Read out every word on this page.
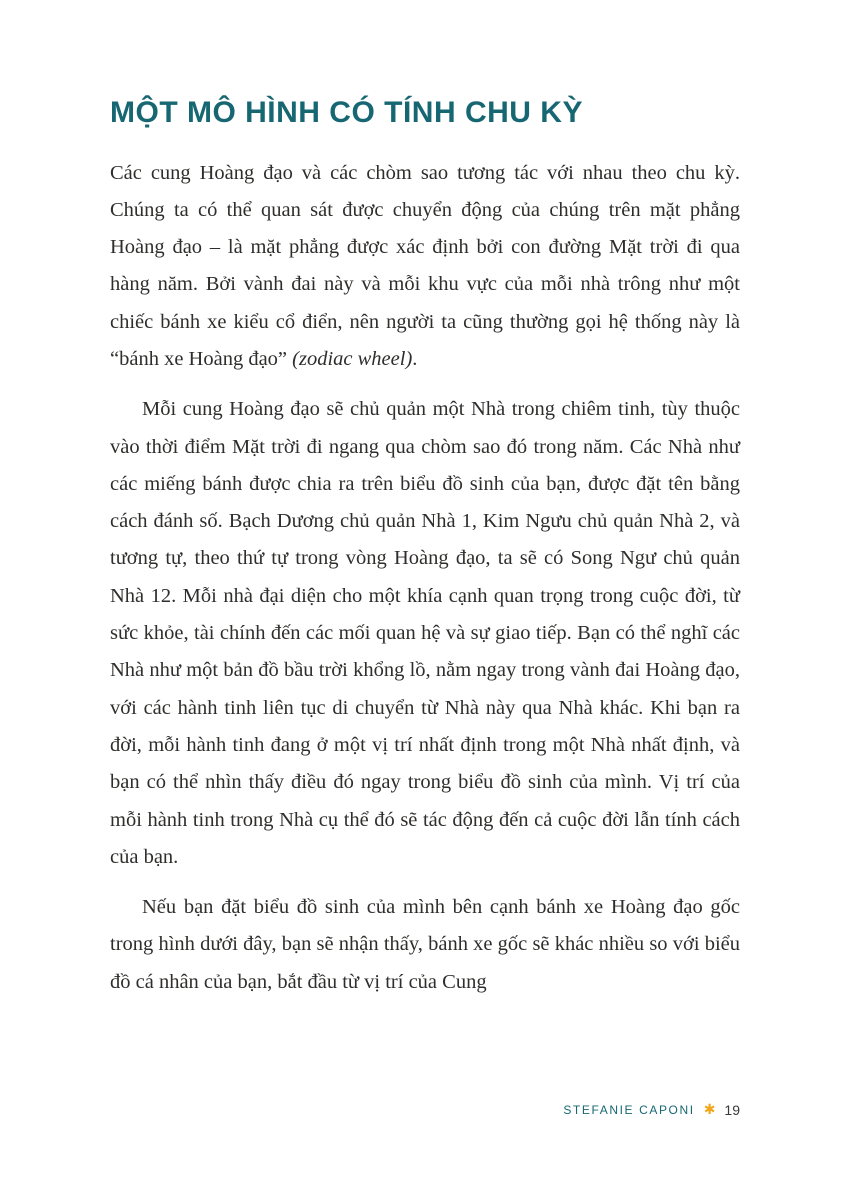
MỘT MÔ HÌNH CÓ TÍNH CHU KỲ

Các cung Hoàng đạo và các chòm sao tương tác với nhau theo chu kỳ. Chúng ta có thể quan sát được chuyển động của chúng trên mặt phẳng Hoàng đạo – là mặt phẳng được xác định bởi con đường Mặt trời đi qua hàng năm. Bởi vành đai này và mỗi khu vực của mỗi nhà trông như một chiếc bánh xe kiểu cổ điển, nên người ta cũng thường gọi hệ thống này là “bánh xe Hoàng đạo” (zodiac wheel).

Mỗi cung Hoàng đạo sẽ chủ quản một Nhà trong chiêm tinh, tùy thuộc vào thời điểm Mặt trời đi ngang qua chòm sao đó trong năm. Các Nhà như các miếng bánh được chia ra trên biểu đồ sinh của bạn, được đặt tên bằng cách đánh số. Bạch Dương chủ quản Nhà 1, Kim Ngưu chủ quản Nhà 2, và tương tự, theo thứ tự trong vòng Hoàng đạo, ta sẽ có Song Ngư chủ quản Nhà 12. Mỗi nhà đại diện cho một khía cạnh quan trọng trong cuộc đời, từ sức khỏe, tài chính đến các mối quan hệ và sự giao tiếp. Bạn có thể nghĩ các Nhà như một bản đồ bầu trời khổng lồ, nằm ngay trong vành đai Hoàng đạo, với các hành tinh liên tục di chuyển từ Nhà này qua Nhà khác. Khi bạn ra đời, mỗi hành tinh đang ở một vị trí nhất định trong một Nhà nhất định, và bạn có thể nhìn thấy điều đó ngay trong biểu đồ sinh của mình. Vị trí của mỗi hành tinh trong Nhà cụ thể đó sẽ tác động đến cả cuộc đời lẫn tính cách của bạn.

Nếu bạn đặt biểu đồ sinh của mình bên cạnh bánh xe Hoàng đạo gốc trong hình dưới đây, bạn sẽ nhận thấy, bánh xe gốc sẽ khác nhiều so với biểu đồ cá nhân của bạn, bắt đầu từ vị trí của Cung

STEFANIE CAPONI ✱ 19
